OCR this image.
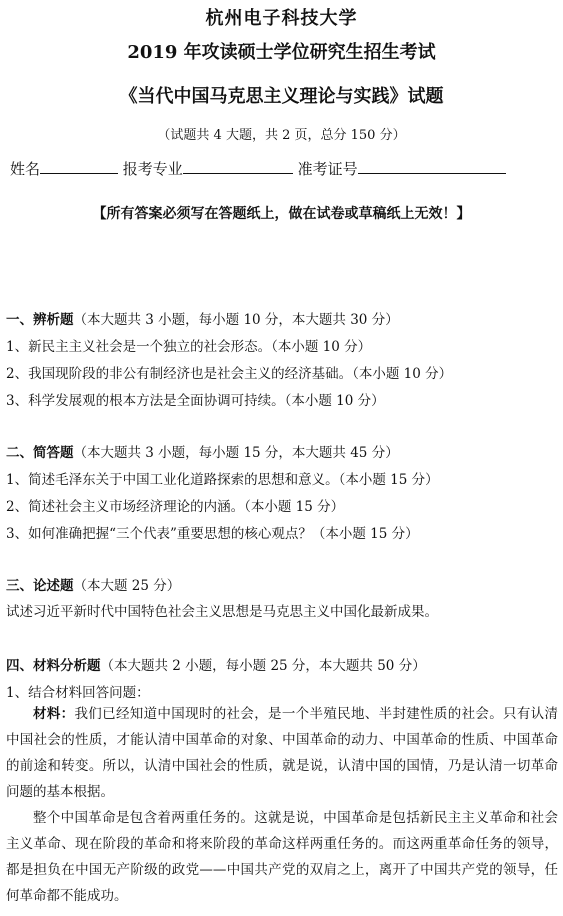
杭州电子科技大学
2019 年攻读硕士学位研究生招生考试
《当代中国马克思主义理论与实践》试题
（试题共 4 大题，共 2 页，总分 150 分）
姓名	报考专业	准考证号
【所有答案必须写在答题纸上，做在试卷或草稿纸上无效！】
一、辨析题（本大题共 3 小题，每小题 10 分，本大题共 30 分）
1、新民主主义社会是一个独立的社会形态。（本小题 10 分）
2、我国现阶段的非公有制经济也是社会主义的经济基础。（本小题 10 分）
3、科学发展观的根本方法是全面协调可持续。（本小题 10 分）
二、简答题（本大题共 3 小题，每小题 15 分，本大题共 45 分）
1、简述毛泽东关于中国工业化道路探索的思想和意义。（本小题 15 分）
2、简述社会主义市场经济理论的内涵。（本小题 15 分）
3、如何准确把握“三个代表”重要思想的核心观点？（本小题 15 分）
三、论述题（本大题 25 分）
试述习近平新时代中国特色社会主义思想是马克思主义中国化最新成果。
四、材料分析题（本大题共 2 小题，每小题 25 分，本大题共 50 分）
1、结合材料回答问题：
材料：我们已经知道中国现时的社会，是一个半殖民地、半封建性质的社会。只有认清中国社会的性质，才能认清中国革命的对象、中国革命的动力、中国革命的性质、中国革命的前途和转变。所以，认清中国社会的性质，就是说，认清中国的国情，乃是认清一切革命问题的基本根据。
整个中国革命是包含着两重任务的。这就是说，中国革命是包括新民主主义革命和社会主义革命、现在阶段的革命和将来阶段的革命这样两重任务的。而这两重革命任务的领导，都是担负在中国无产阶级的政党——中国共产党的双肩之上，离开了中国共产党的领导，任何革命都不能成功。
